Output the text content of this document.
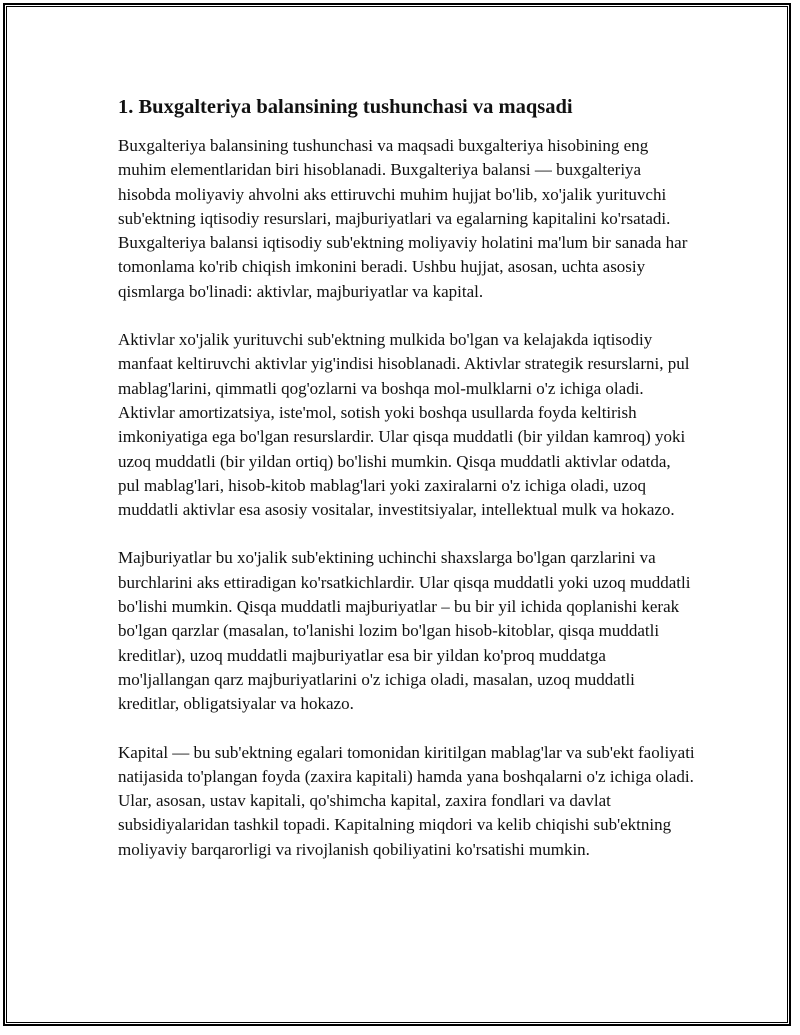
1. Buxgalteriya balansining tushunchasi va maqsadi

Buxgalteriya balansining tushunchasi va maqsadi buxgalteriya hisobining eng muhim elementlaridan biri hisoblanadi. Buxgalteriya balansi — buxgalteriya hisobda moliyaviy ahvolni aks ettiruvchi muhim hujjat bo'lib, xo'jalik yurituvchi sub'ektning iqtisodiy resurslari, majburiyatlari va egalarning kapitalini ko'rsatadi. Buxgalteriya balansi iqtisodiy sub'ektning moliyaviy holatini ma'lum bir sanada har tomonlama ko'rib chiqish imkonini beradi. Ushbu hujjat, asosan, uchta asosiy qismlarga bo'linadi: aktivlar, majburiyatlar va kapital.

Aktivlar xo'jalik yurituvchi sub'ektning mulkida bo'lgan va kelajakda iqtisodiy manfaat keltiruvchi aktivlar yig'indisi hisoblanadi. Aktivlar strategik resurslarni, pul mablag'larini, qimmatli qog'ozlarni va boshqa mol-mulklarni o'z ichiga oladi. Aktivlar amortizatsiya, iste'mol, sotish yoki boshqa usullarda foyda keltirish imkoniyatiga ega bo'lgan resurslardir. Ular qisqa muddatli (bir yildan kamroq) yoki uzoq muddatli (bir yildan ortiq) bo'lishi mumkin. Qisqa muddatli aktivlar odatda, pul mablag'lari, hisob-kitob mablag'lari yoki zaxiralarni o'z ichiga oladi, uzoq muddatli aktivlar esa asosiy vositalar, investitsiyalar, intellektual mulk va hokazo.

Majburiyatlar bu xo'jalik sub'ektining uchinchi shaxslarga bo'lgan qarzlarini va burchlarini aks ettiradigan ko'rsatkichlardir. Ular qisqa muddatli yoki uzoq muddatli bo'lishi mumkin. Qisqa muddatli majburiyatlar – bu bir yil ichida qoplanishi kerak bo'lgan qarzlar (masalan, to'lanishi lozim bo'lgan hisob-kitoblar, qisqa muddatli kreditlar), uzoq muddatli majburiyatlar esa bir yildan ko'proq muddatga mo'ljallangan qarz majburiyatlarini o'z ichiga oladi, masalan, uzoq muddatli kreditlar, obligatsiyalar va hokazo.

Kapital — bu sub'ektning egalari tomonidan kiritilgan mablag'lar va sub'ekt faoliyati natijasida to'plangan foyda (zaxira kapitali) hamda yana boshqalarni o'z ichiga oladi. Ular, asosan, ustav kapitali, qo'shimcha kapital, zaxira fondlari va davlat subsidiyalaridan tashkil topadi. Kapitalning miqdori va kelib chiqishi sub'ektning moliyaviy barqarorligi va rivojlanish qobiliyatini ko'rsatishi mumkin.
